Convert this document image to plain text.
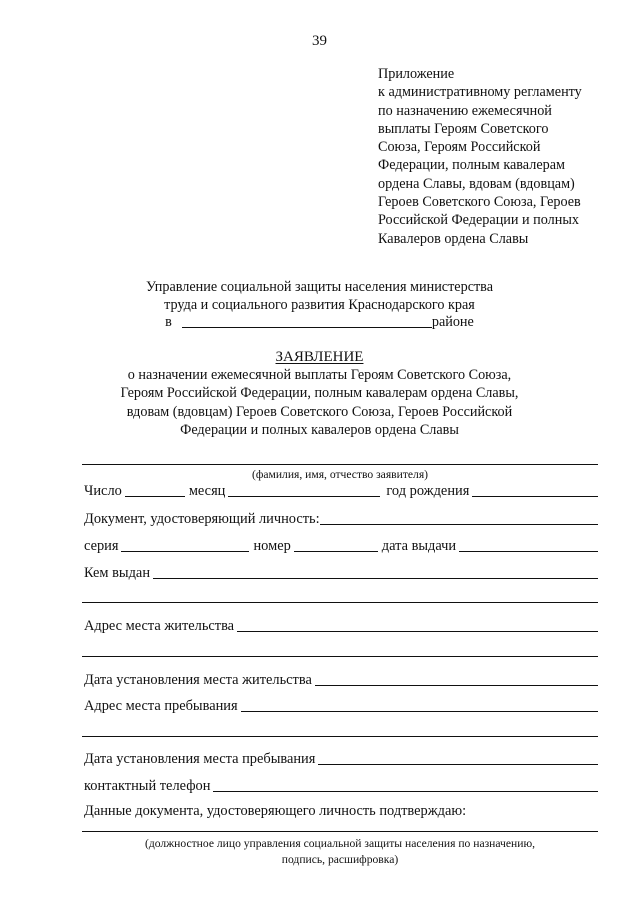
39
Приложение
к административному регламенту
по назначению ежемесячной
выплаты Героям Советского
Союза, Героям Российской
Федерации, полным кавалерам
ордена Славы, вдовам (вдовцам)
Героев Советского Союза, Героев
Российской Федерации и полных
Кавалеров ордена Славы
Управление социальной защиты населения министерства
труда и социального развития Краснодарского края
в	районе
ЗАЯВЛЕНИЕ
о назначении ежемесячной выплаты Героям Советского Союза,
Героям Российской Федерации, полным кавалерам ордена Славы,
вдовам (вдовцам) Героев Советского Союза, Героев Российской
Федерации и полных кавалеров ордена Славы
(фамилия, имя, отчество заявителя)
Число	месяц	год рождения
Документ, удостоверяющий личность:
серия	номер	дата выдачи
Кем выдан
Адрес места жительства
Дата установления места жительства
Адрес места пребывания
Дата установления места пребывания
контактный телефон
Данные документа, удостоверяющего личность подтверждаю:
(должностное лицо управления социальной защиты населения по назначению,
подпись, расшифровка)
